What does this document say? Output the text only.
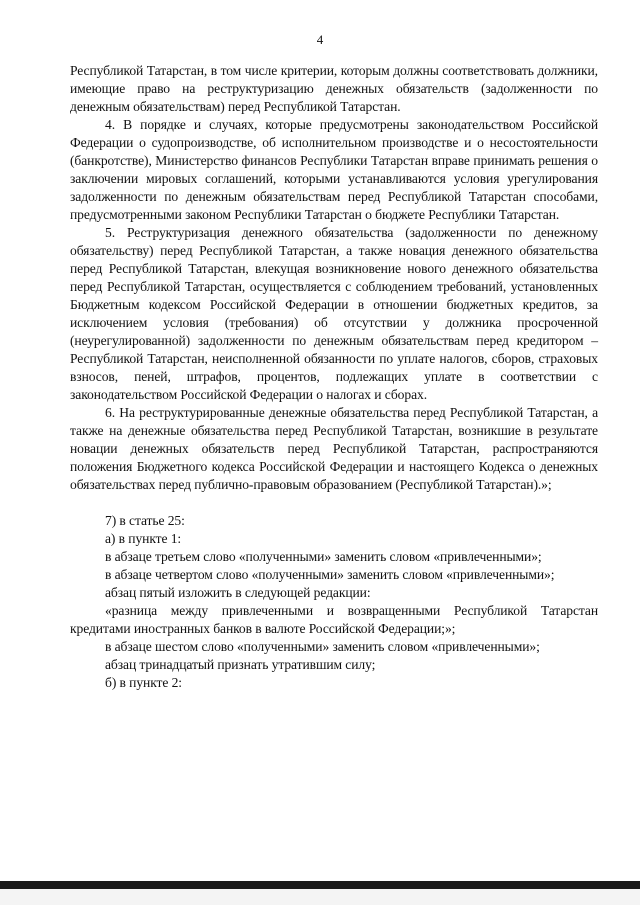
4

Республикой Татарстан, в том числе критерии, которым должны соответствовать должники, имеющие право на реструктуризацию денежных обязательств (задолженности по денежным обязательствам) перед Республикой Татарстан.

4. В порядке и случаях, которые предусмотрены законодательством Российской Федерации о судопроизводстве, об исполнительном производстве и о несостоятельности (банкротстве), Министерство финансов Республики Татарстан вправе принимать решения о заключении мировых соглашений, которыми устанавливаются условия урегулирования задолженности по денежным обязательствам перед Республикой Татарстан способами, предусмотренными законом Республики Татарстан о бюджете Республики Татарстан.

5. Реструктуризация денежного обязательства (задолженности по денежному обязательству) перед Республикой Татарстан, а также новация денежного обязательства перед Республикой Татарстан, влекущая возникновение нового денежного обязательства перед Республикой Татарстан, осуществляется с соблюдением требований, установленных Бюджетным кодексом Российской Федерации в отношении бюджетных кредитов, за исключением условия (требования) об отсутствии у должника просроченной (неурегулированной) задолженности по денежным обязательствам перед кредитором – Республикой Татарстан, неисполненной обязанности по уплате налогов, сборов, страховых взносов, пеней, штрафов, процентов, подлежащих уплате в соответствии с законодательством Российской Федерации о налогах и сборах.

6. На реструктурированные денежные обязательства перед Республикой Татарстан, а также на денежные обязательства перед Республикой Татарстан, возникшие в результате новации денежных обязательств перед Республикой Татарстан, распространяются положения Бюджетного кодекса Российской Федерации и настоящего Кодекса о денежных обязательствах перед публично-правовым образованием (Республикой Татарстан).»;

7) в статье 25:

а) в пункте 1:

в абзаце третьем слово «полученными» заменить словом «привлеченными»;

в абзаце четвертом слово «полученными» заменить словом «привлеченными»;

абзац пятый изложить в следующей редакции:

«разница между привлеченными и возвращенными Республикой Татарстан кредитами иностранных банков в валюте Российской Федерации;»;

в абзаце шестом слово «полученными» заменить словом «привлеченными»;

абзац тринадцатый признать утратившим силу;

б) в пункте 2:
